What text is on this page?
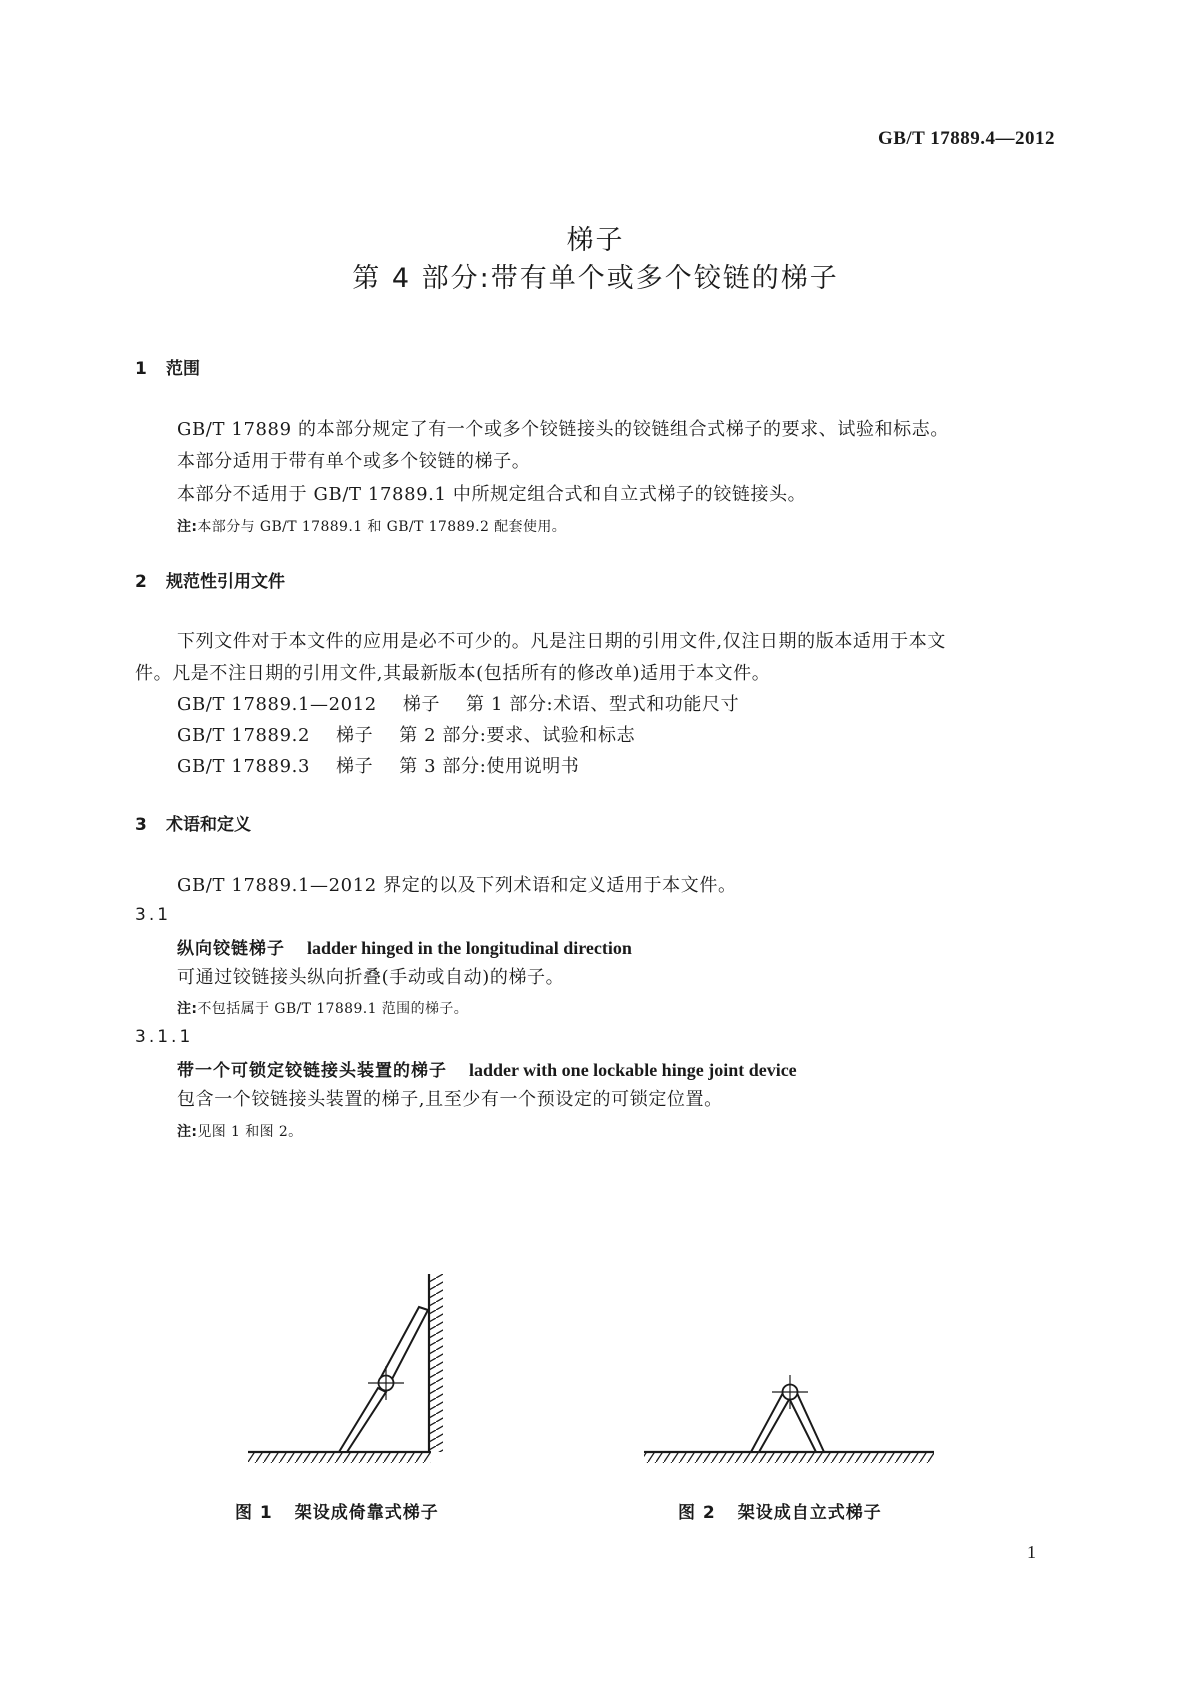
GB/T 17889.4—2012
梯子
第 4 部分:带有单个或多个铰链的梯子
1 范围
GB/T 17889 的本部分规定了有一个或多个铰链接头的铰链组合式梯子的要求、试验和标志。
本部分适用于带有单个或多个铰链的梯子。
本部分不适用于 GB/T 17889.1 中所规定组合式和自立式梯子的铰链接头。
注:本部分与 GB/T 17889.1 和 GB/T 17889.2 配套使用。
2 规范性引用文件
下列文件对于本文件的应用是必不可少的。凡是注日期的引用文件,仅注日期的版本适用于本文
件。凡是不注日期的引用文件,其最新版本(包括所有的修改单)适用于本文件。
GB/T 17889.1—2012 梯子 第 1 部分:术语、型式和功能尺寸
GB/T 17889.2 梯子 第 2 部分:要求、试验和标志
GB/T 17889.3 梯子 第 3 部分:使用说明书
3 术语和定义
GB/T 17889.1—2012 界定的以及下列术语和定义适用于本文件。
3.1
纵向铰链梯子 ladder hinged in the longitudinal direction
可通过铰链接头纵向折叠(手动或自动)的梯子。
注:不包括属于 GB/T 17889.1 范围的梯子。
3.1.1
带一个可锁定铰链接头装置的梯子 ladder with one lockable hinge joint device
包含一个铰链接头装置的梯子,且至少有一个预设定的可锁定位置。
注:见图 1 和图 2。
图 1 架设成倚靠式梯子	图 2 架设成自立式梯子
1
